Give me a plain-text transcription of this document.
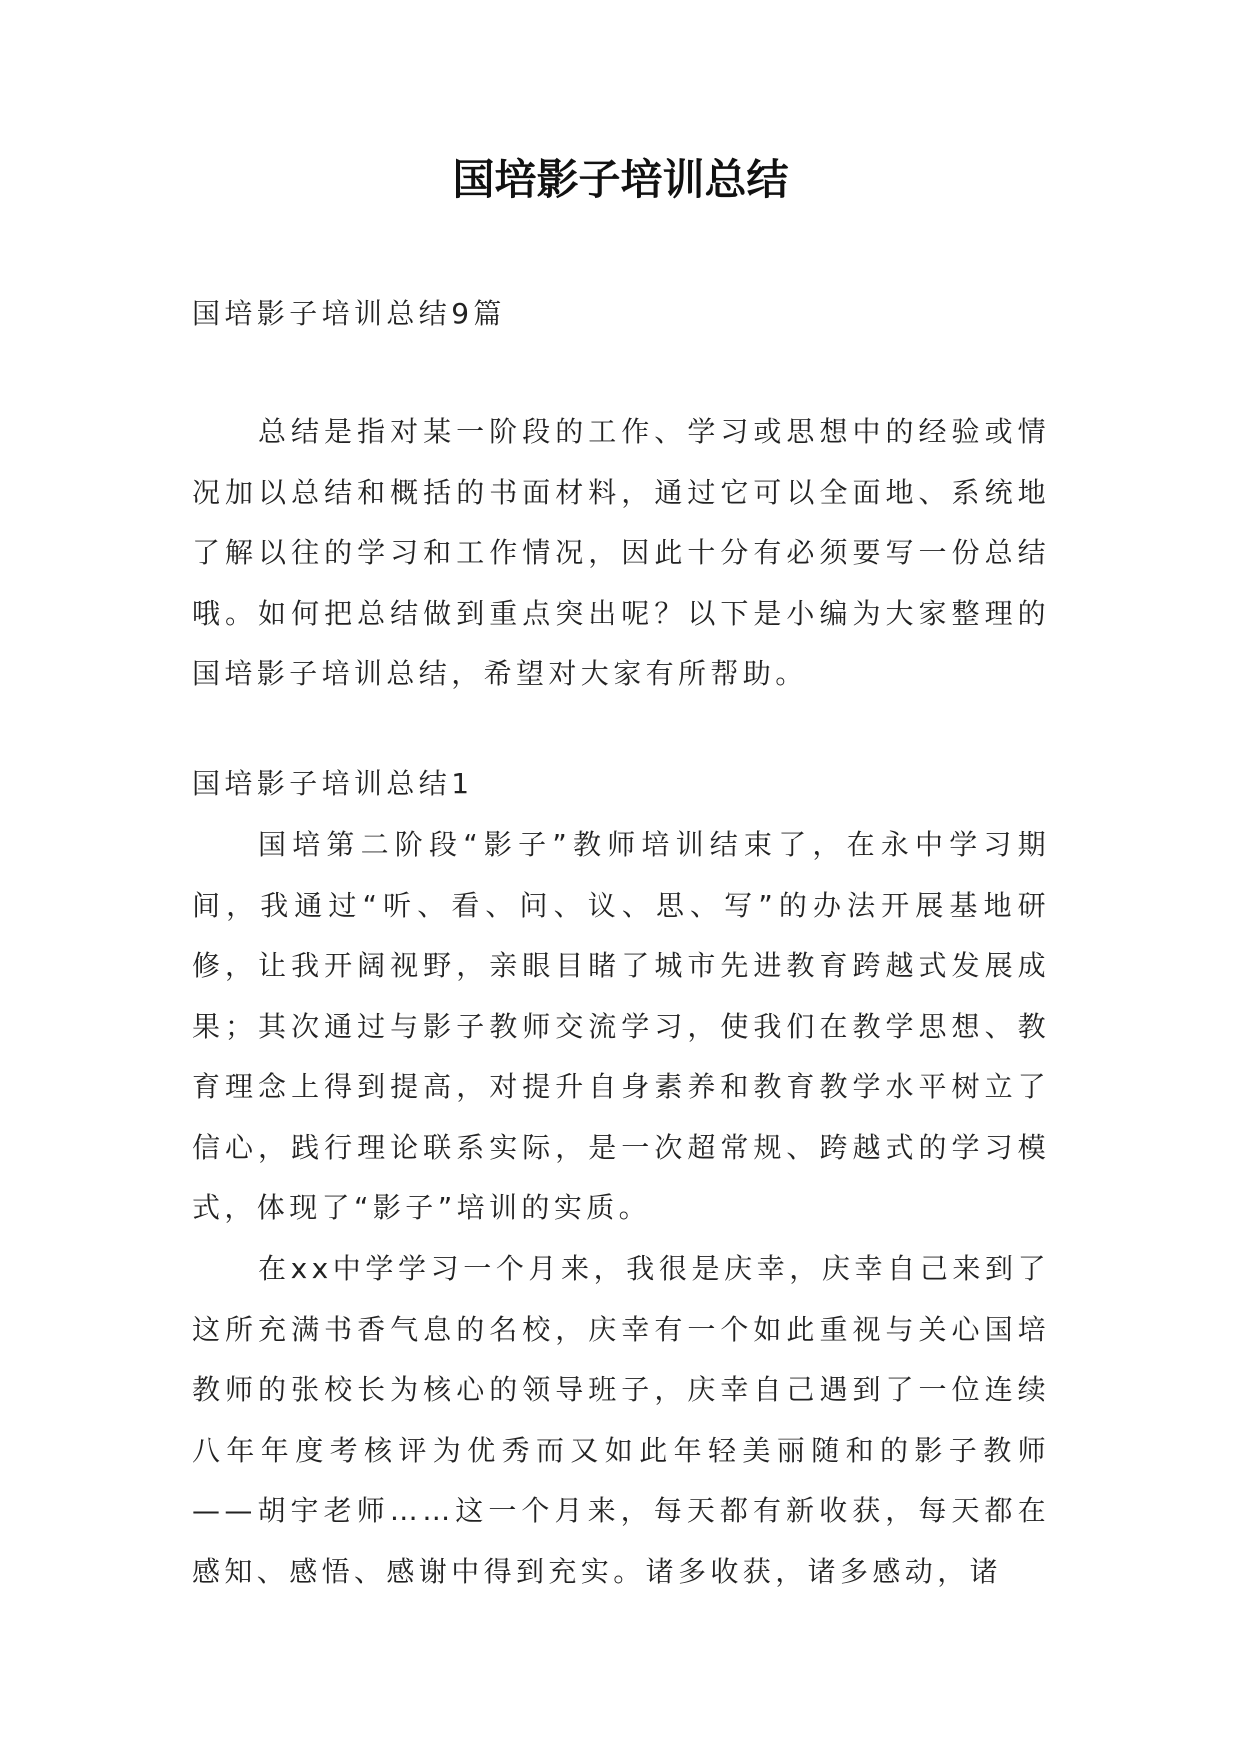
国培影子培训总结

国培影子培训总结9篇

总结是指对某一阶段的工作、学习或思想中的经验或情况加以总结和概括的书面材料，通过它可以全面地、系统地了解以往的学习和工作情况，因此十分有必须要写一份总结哦。如何把总结做到重点突出呢？以下是小编为大家整理的国培影子培训总结，希望对大家有所帮助。

国培影子培训总结1

国培第二阶段“影子”教师培训结束了，在永中学习期间，我通过“听、看、问、议、思、写”的办法开展基地研修，让我开阔视野，亲眼目睹了城市先进教育跨越式发展成果；其次通过与影子教师交流学习，使我们在教学思想、教育理念上得到提高，对提升自身素养和教育教学水平树立了信心，践行理论联系实际，是一次超常规、跨越式的学习模式，体现了“影子”培训的实质。

在xx中学学习一个月来，我很是庆幸，庆幸自己来到了这所充满书香气息的名校，庆幸有一个如此重视与关心国培教师的张校长为核心的领导班子，庆幸自己遇到了一位连续八年年度考核评为优秀而又如此年轻美丽随和的影子教师——胡宇老师……这一个月来，每天都有新收获，每天都在感知、感悟、感谢中得到充实。诸多收获，诸多感动，诸
